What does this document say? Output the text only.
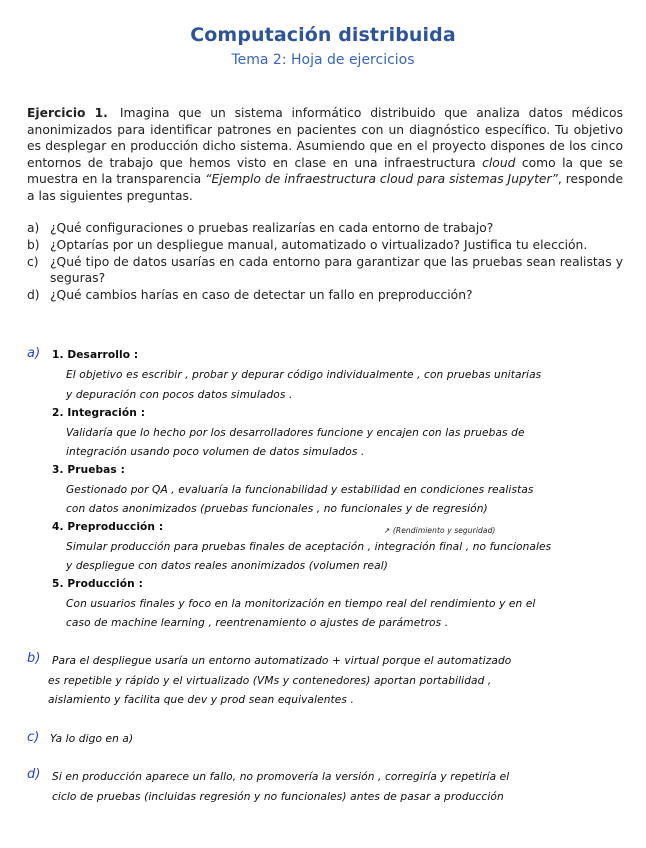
Computación distribuida
Tema 2: Hoja de ejercicios
Ejercicio 1. Imagina que un sistema informático distribuido que analiza datos médicos anonimizados para identificar patrones en pacientes con un diagnóstico específico. Tu objetivo es desplegar en producción dicho sistema. Asumiendo que en el proyecto dispones de los cinco entornos de trabajo que hemos visto en clase en una infraestructura cloud como la que se muestra en la transparencia “Ejemplo de infraestructura cloud para sistemas Jupyter”, responde a las siguientes preguntas.
a) ¿Qué configuraciones o pruebas realizarías en cada entorno de trabajo?
b) ¿Optarías por un despliegue manual, automatizado o virtualizado? Justifica tu elección.
c) ¿Qué tipo de datos usarías en cada entorno para garantizar que las pruebas sean realistas y seguras?
d) ¿Qué cambios harías en caso de detectar un fallo en preproducción?
a) 1. Desarrollo :
El objetivo es escribir , probar y depurar código individualmente , con pruebas unitarias
y depuración con pocos datos simulados .
2. Integración :
Validaría que lo hecho por los desarrolladores funcione y encajen con las pruebas de
integración usando poco volumen de datos simulados .
3. Pruebas :
Gestionado por QA , evaluaría la funcionabilidad y estabilidad en condiciones realistas
con datos anonimizados (pruebas funcionales , no funcionales y de regresión)
4. Preproducción :	↗ (Rendimiento y seguridad)
Simular producción para pruebas finales de aceptación , integración final , no funcionales
y despliegue con datos reales anonimizados (volumen real)
5. Producción :
Con usuarios finales y foco en la monitorización en tiempo real del rendimiento y en el
caso de machine learning , reentrenamiento o ajustes de parámetros .
b) Para el despliegue usaría un entorno automatizado + virtual porque el automatizado
es repetible y rápido y el virtualizado (VMs y contenedores) aportan portabilidad ,
aislamiento y facilita que dev y prod sean equivalentes .
c) Ya lo digo en a)
d) Si en producción aparece un fallo, no promovería la versión , corregiría y repetiría el
ciclo de pruebas (incluidas regresión y no funcionales) antes de pasar a producción
